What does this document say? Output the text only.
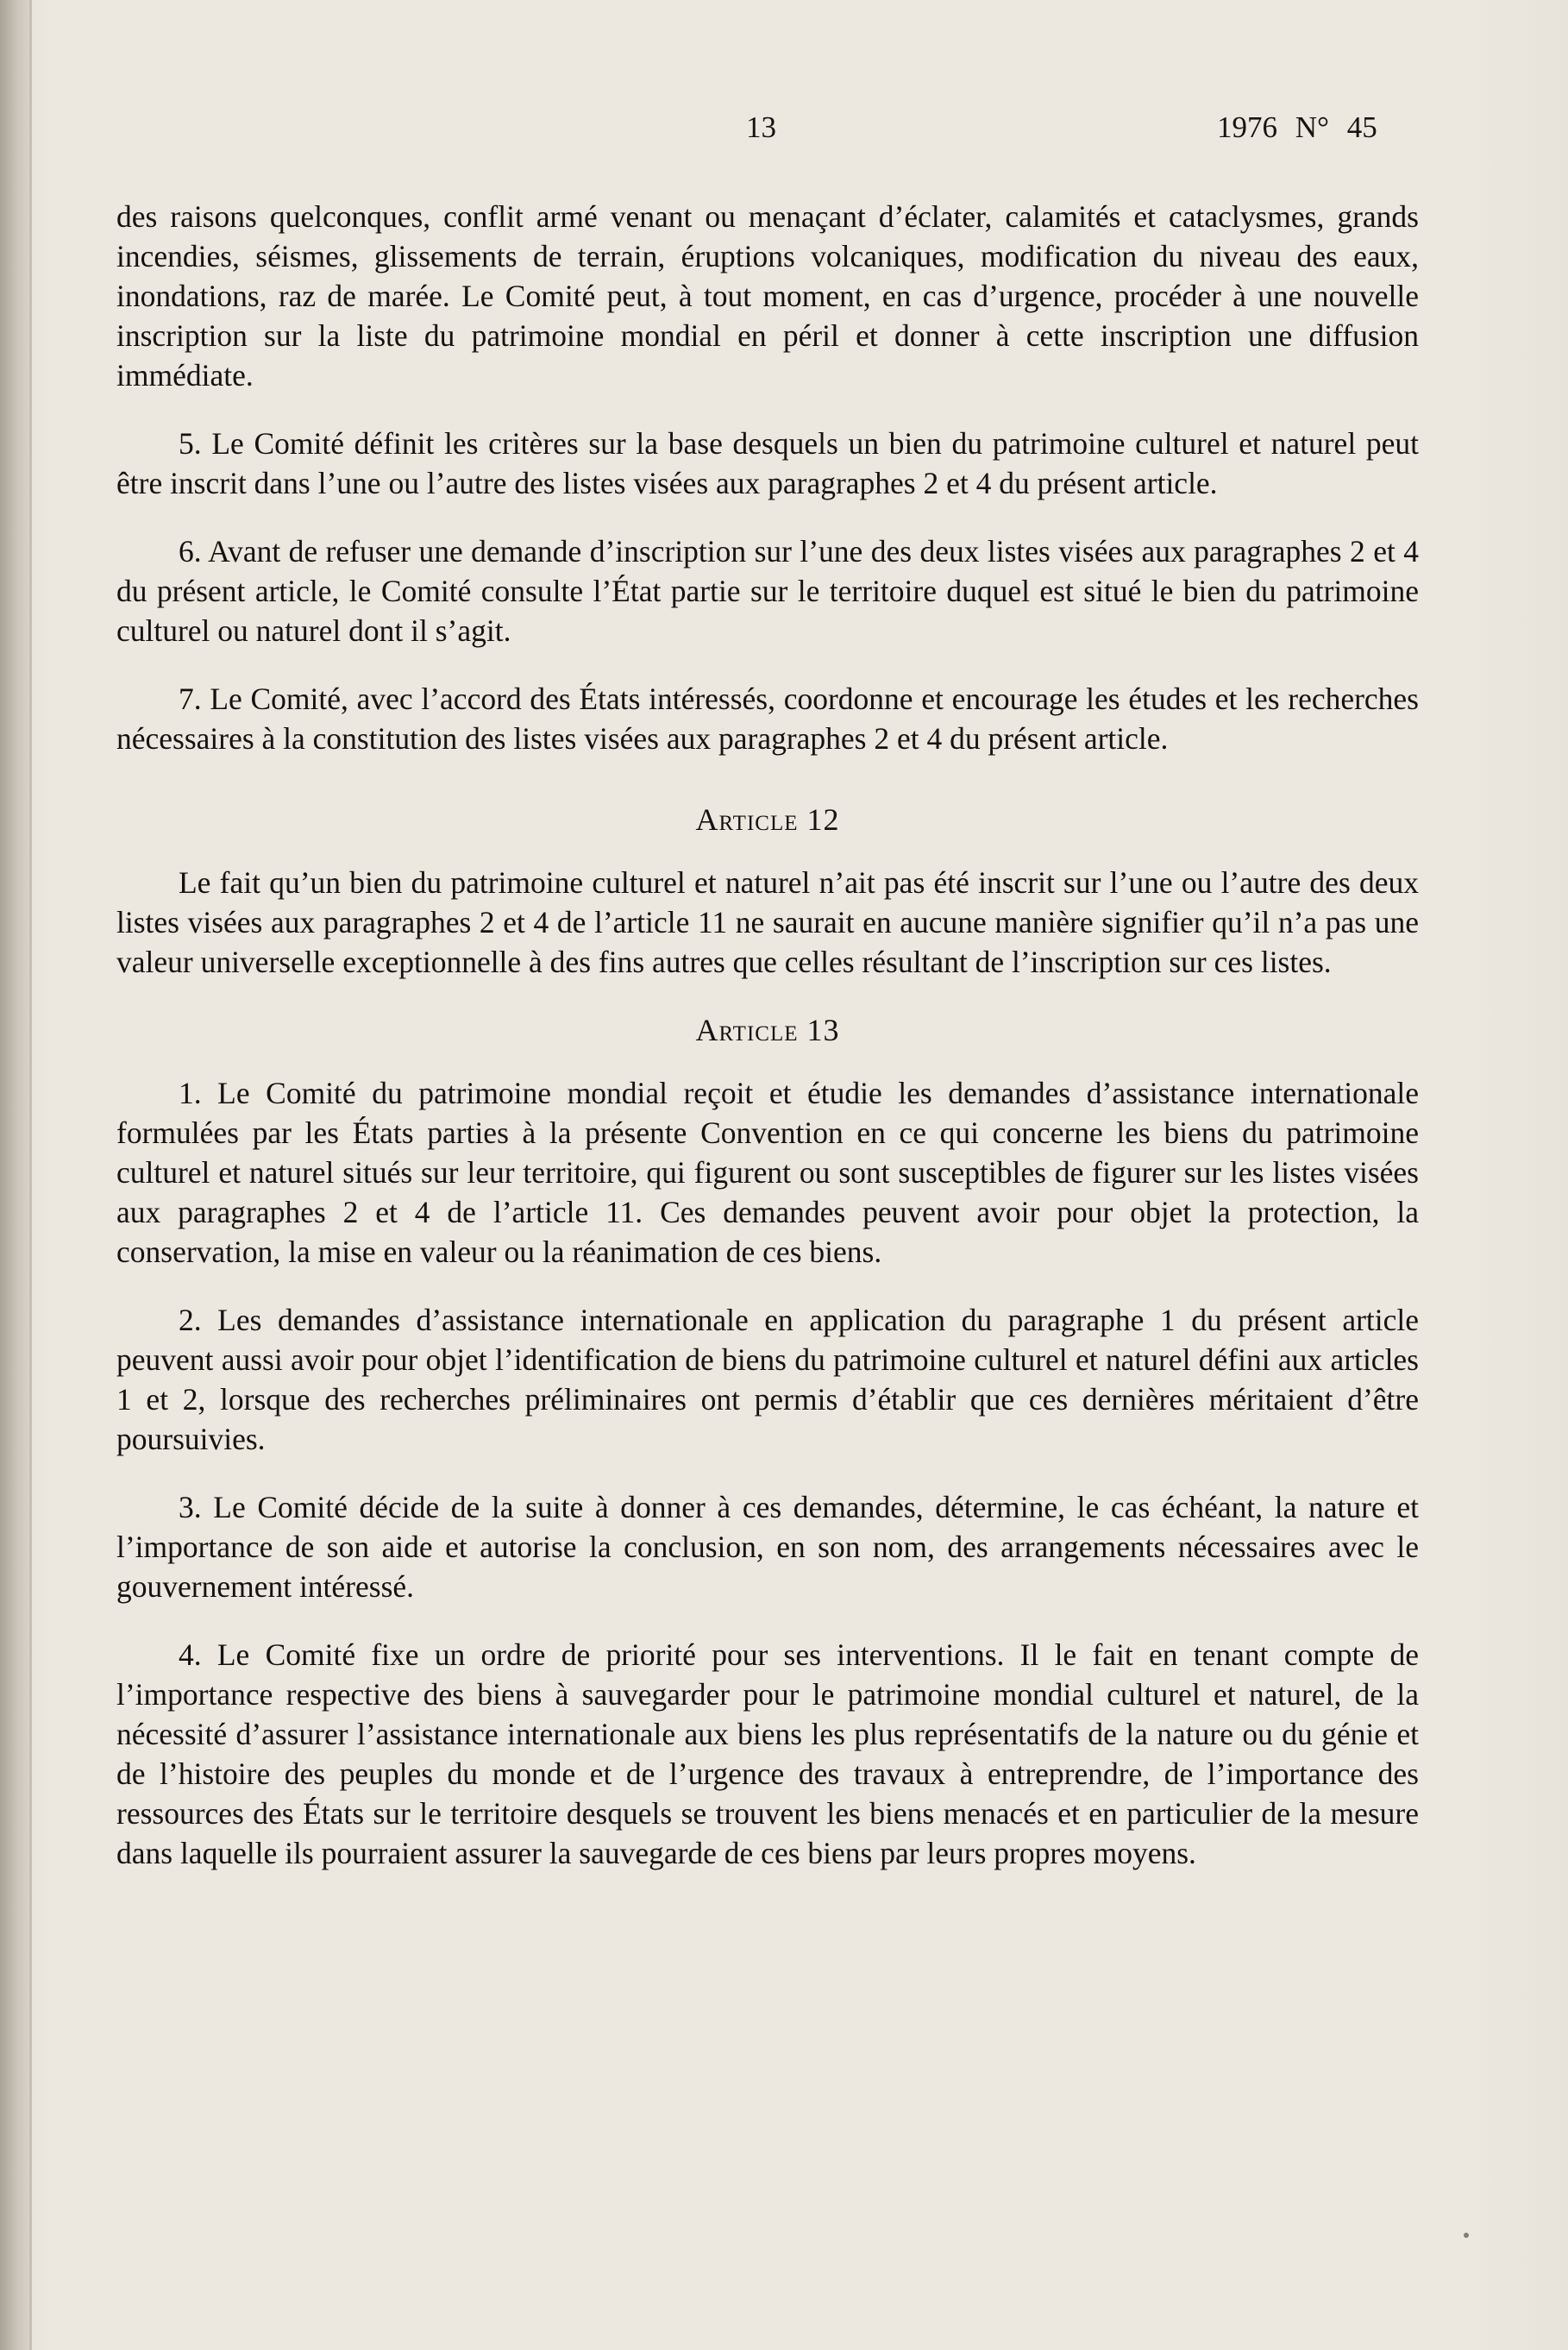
13	1976 N° 45

des raisons quelconques, conflit armé venant ou menaçant d’éclater, calamités et cataclysmes, grands incendies, séismes, glissements de terrain, éruptions volcaniques, modification du niveau des eaux, inondations, raz de marée. Le Comité peut, à tout moment, en cas d’urgence, procéder à une nouvelle inscription sur la liste du patrimoine mondial en péril et donner à cette inscription une diffusion immédiate.

5. Le Comité définit les critères sur la base desquels un bien du patrimoine culturel et naturel peut être inscrit dans l’une ou l’autre des listes visées aux paragraphes 2 et 4 du présent article.

6. Avant de refuser une demande d’inscription sur l’une des deux listes visées aux paragraphes 2 et 4 du présent article, le Comité consulte l’État partie sur le territoire duquel est situé le bien du patrimoine culturel ou naturel dont il s’agit.

7. Le Comité, avec l’accord des États intéressés, coordonne et encourage les études et les recherches nécessaires à la constitution des listes visées aux paragraphes 2 et 4 du présent article.

Article 12

Le fait qu’un bien du patrimoine culturel et naturel n’ait pas été inscrit sur l’une ou l’autre des deux listes visées aux paragraphes 2 et 4 de l’article 11 ne saurait en aucune manière signifier qu’il n’a pas une valeur universelle exceptionnelle à des fins autres que celles résultant de l’inscription sur ces listes.

Article 13

1. Le Comité du patrimoine mondial reçoit et étudie les demandes d’assistance internationale formulées par les États parties à la présente Convention en ce qui concerne les biens du patrimoine culturel et naturel situés sur leur territoire, qui figurent ou sont susceptibles de figurer sur les listes visées aux paragraphes 2 et 4 de l’article 11. Ces demandes peuvent avoir pour objet la protection, la conservation, la mise en valeur ou la réanimation de ces biens.

2. Les demandes d’assistance internationale en application du paragraphe 1 du présent article peuvent aussi avoir pour objet l’identification de biens du patrimoine culturel et naturel défini aux articles 1 et 2, lorsque des recherches préliminaires ont permis d’établir que ces dernières méritaient d’être poursuivies.

3. Le Comité décide de la suite à donner à ces demandes, détermine, le cas échéant, la nature et l’importance de son aide et autorise la conclusion, en son nom, des arrangements nécessaires avec le gouvernement intéressé.

4. Le Comité fixe un ordre de priorité pour ses interventions. Il le fait en tenant compte de l’importance respective des biens à sauvegarder pour le patrimoine mondial culturel et naturel, de la nécessité d’assurer l’assistance internationale aux biens les plus représentatifs de la nature ou du génie et de l’histoire des peuples du monde et de l’urgence des travaux à entreprendre, de l’importance des ressources des États sur le territoire desquels se trouvent les biens menacés et en particulier de la mesure dans laquelle ils pourraient assurer la sauvegarde de ces biens par leurs propres moyens.
